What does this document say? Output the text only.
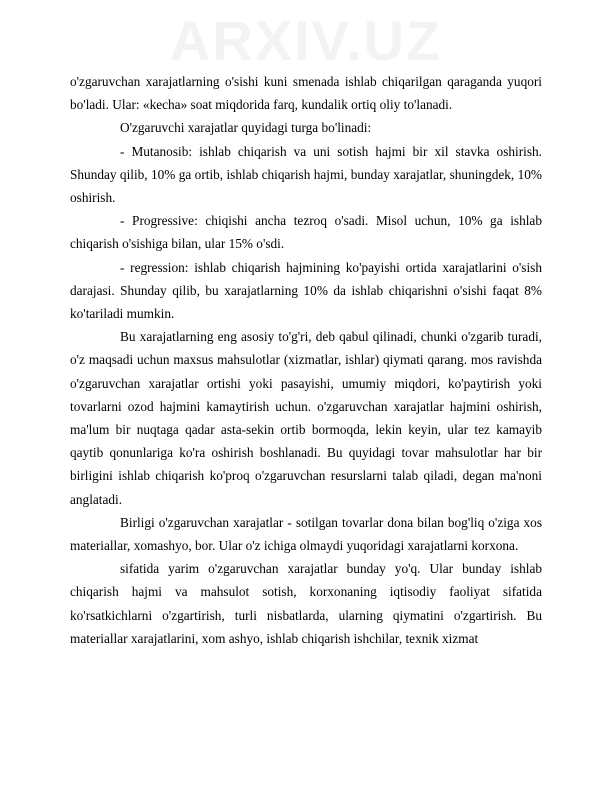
ARXIV.UZ

o'zgaruvchan xarajatlarning o'sishi kuni smenada ishlab chiqarilgan qaraganda yuqori bo'ladi. Ular: «kecha» soat miqdorida farq, kundalik ortiq oliy to'lanadi.

O'zgaruvchi xarajatlar quyidagi turga bo'linadi:

- Mutanosib: ishlab chiqarish va uni sotish hajmi bir xil stavka oshirish. Shunday qilib, 10% ga ortib, ishlab chiqarish hajmi, bunday xarajatlar, shuningdek, 10% oshirish.

- Progressive: chiqishi ancha tezroq o'sadi. Misol uchun, 10% ga ishlab chiqarish o'sishiga bilan, ular 15% o'sdi.

- regression: ishlab chiqarish hajmining ko'payishi ortida xarajatlarini o'sish darajasi. Shunday qilib, bu xarajatlarning 10% da ishlab chiqarishni o'sishi faqat 8% ko'tariladi mumkin.

Bu xarajatlarning eng asosiy to'g'ri, deb qabul qilinadi, chunki o'zgarib turadi, o'z maqsadi uchun maxsus mahsulotlar (xizmatlar, ishlar) qiymati qarang. mos ravishda o'zgaruvchan xarajatlar ortishi yoki pasayishi, umumiy miqdori, ko'paytirish yoki tovarlarni ozod hajmini kamaytirish uchun. o'zgaruvchan xarajatlar hajmini oshirish, ma'lum bir nuqtaga qadar asta-sekin ortib bormoqda, lekin keyin, ular tez kamayib qaytib qonunlariga ko'ra oshirish boshlanadi. Bu quyidagi tovar mahsulotlar har bir birligini ishlab chiqarish ko'proq o'zgaruvchan resurslarni talab qiladi, degan ma'noni anglatadi.

Birligi o'zgaruvchan xarajatlar - sotilgan tovarlar dona bilan bog'liq o'ziga xos materiallar, xomashyo, bor. Ular o'z ichiga olmaydi yuqoridagi xarajatlarni korxona.

sifatida yarim o'zgaruvchan xarajatlar bunday yo'q. Ular bunday ishlab chiqarish hajmi va mahsulot sotish, korxonaning iqtisodiy faoliyat sifatida ko'rsatkichlarni o'zgartirish, turli nisbatlarda, ularning qiymatini o'zgartirish. Bu materiallar xarajatlarini, xom ashyo, ishlab chiqarish ishchilar, texnik xizmat
